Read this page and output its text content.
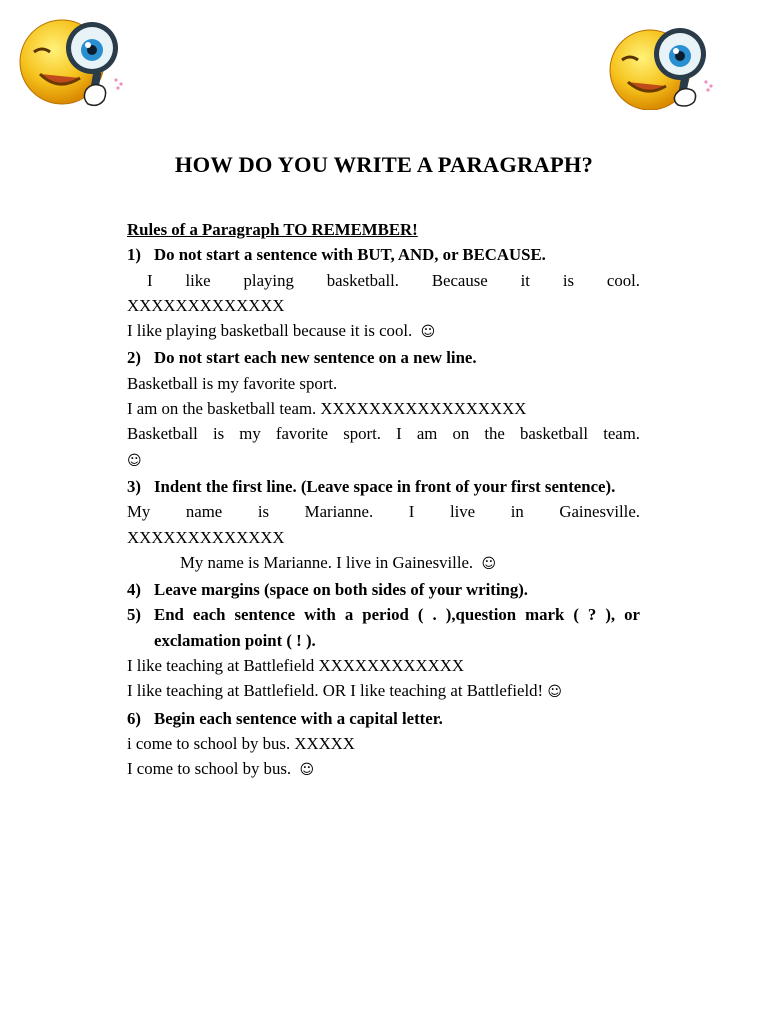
HOW DO YOU WRITE A PARAGRAPH?
Rules of a Paragraph TO REMEMBER!
1) Do not start a sentence with BUT, AND, or BECAUSE.
I like playing basketball. Because it is cool.
XXXXXXXXXXXXX
I like playing basketball because it is cool. ☺
2) Do not start each new sentence on a new line.
Basketball is my favorite sport.
I am on the basketball team. XXXXXXXXXXXXXXXXX
Basketball is my favorite sport. I am on the basketball team.
☺
3) Indent the first line. (Leave space in front of your first sentence).
My name is Marianne. I live in Gainesville.
XXXXXXXXXXXXX
My name is Marianne. I live in Gainesville. ☺
4) Leave margins (space on both sides of your writing).
5) End each sentence with a period ( . ),question mark ( ? ), or exclamation point ( ! ).
I like teaching at Battlefield XXXXXXXXXXXX
I like teaching at Battlefield. OR I like teaching at Battlefield! ☺
6) Begin each sentence with a capital letter.
i come to school by bus. XXXXX
I come to school by bus. ☺
